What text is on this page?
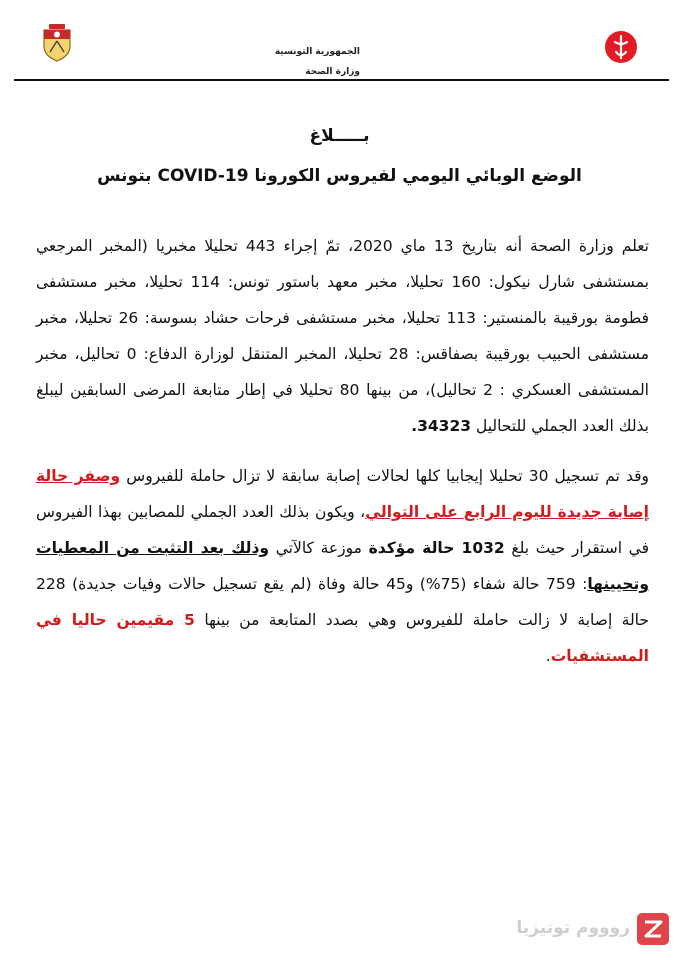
الجمهورية التونسية
وزارة الصحة
بـــــلاغ
الوضع الوبائي اليومي لفيروس الكورونا COVID-19 بتونس

تعلم وزارة الصحة أنه بتاريخ 13 ماي 2020، تمّ إجراء 443 تحليلا مخبريا (المخبر المرجعي بمستشفى شارل نيكول: 160 تحليلا، مخبر معهد باستور تونس: 114 تحليلا، مخبر مستشفى فطومة بورقيبة بالمنستير: 113 تحليلا، مخبر مستشفى فرحات حشاد بسوسة: 26 تحليلا، مخبر مستشفى الحبيب بورقيبة بصفاقس: 28 تحليلا، المخبر المتنقل لوزارة الدفاع: 0 تحاليل، مخبر المستشفى العسكري : 2 تحاليل)، من بينها 80 تحليلا في إطار متابعة المرضى السابقين ليبلغ بذلك العدد الجملي للتحاليل 34323.

وقد تم تسجيل 30 تحليلا إيجابيا كلها لحالات إصابة سابقة لا تزال حاملة للفيروس وصفر حالة إصابة جديدة لليوم الرابع على التوالي، ويكون بذلك العدد الجملي للمصابين بهذا الفيروس في استقرار حيث بلغ 1032 حالة مؤكدة موزعة كالآتي وذلك بعد التثبت من المعطيات وتحيينها: 759 حالة شفاء (75%) و45 حالة وفاة (لم يقع تسجيل حالات وفيات جديدة) 228 حالة إصابة لا زالت حاملة للفيروس وهي بصدد المتابعة من بينها 5 مقيمين حاليا في المستشفيات.

روووم تونيزيا
